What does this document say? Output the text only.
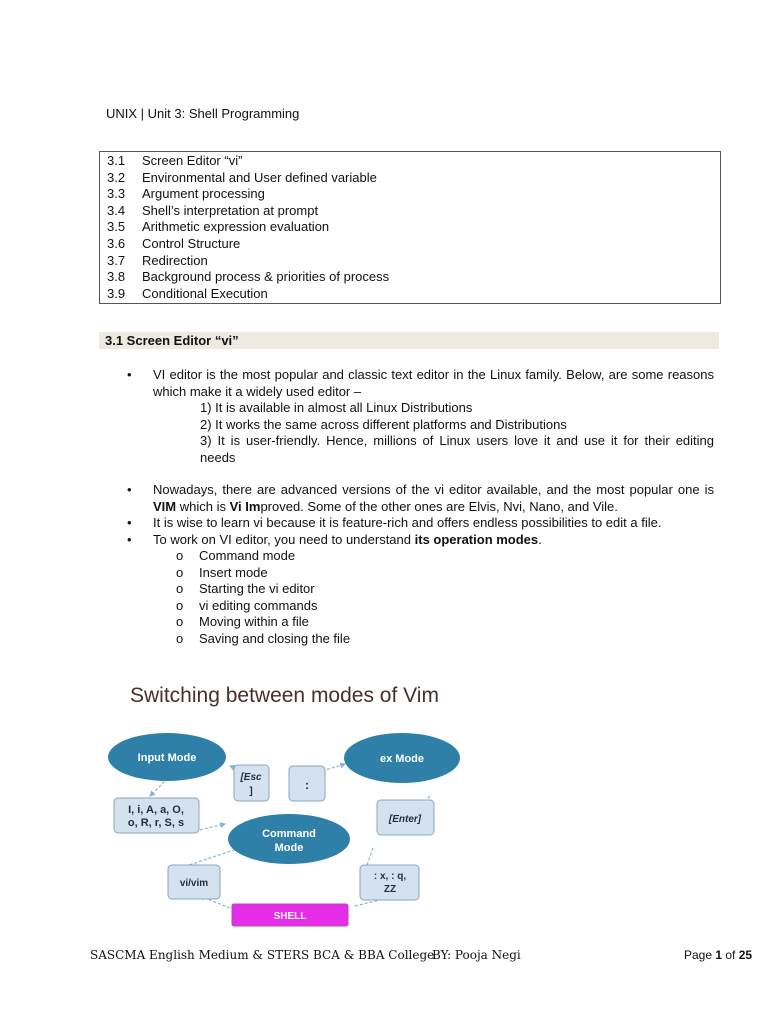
UNIX | Unit 3: Shell Programming
3.1	Screen Editor “vi”
3.2	Environmental and User defined variable
3.3	Argument processing
3.4	Shell’s interpretation at prompt
3.5	Arithmetic expression evaluation
3.6	Control Structure
3.7	Redirection
3.8	Background process & priorities of process
3.9	Conditional Execution
3.1 Screen Editor “vi”
• VI editor is the most popular and classic text editor in the Linux family. Below, are some reasons which make it a widely used editor –
1) It is available in almost all Linux Distributions
2) It works the same across different platforms and Distributions
3) It is user-friendly. Hence, millions of Linux users love it and use it for their editing needs
• Nowadays, there are advanced versions of the vi editor available, and the most popular one is VIM which is Vi Improved. Some of the other ones are Elvis, Nvi, Nano, and Vile.
• It is wise to learn vi because it is feature-rich and offers endless possibilities to edit a file.
• To work on VI editor, you need to understand its operation modes.
o Command mode
o Insert mode
o Starting the vi editor
o vi editing commands
o Moving within a file
o Saving and closing the file
Switching between modes of Vim
Input Mode	ex Mode
Command
Mode
[Esc
]	:
I, i, A, a, O,
o, R, r, S, s	[Enter]
vi/vim
: x, : q,
ZZ
SHELL
SASCMA English Medium & STERS BCA & BBA College
BY: Pooja Negi	Page 1 of 25
